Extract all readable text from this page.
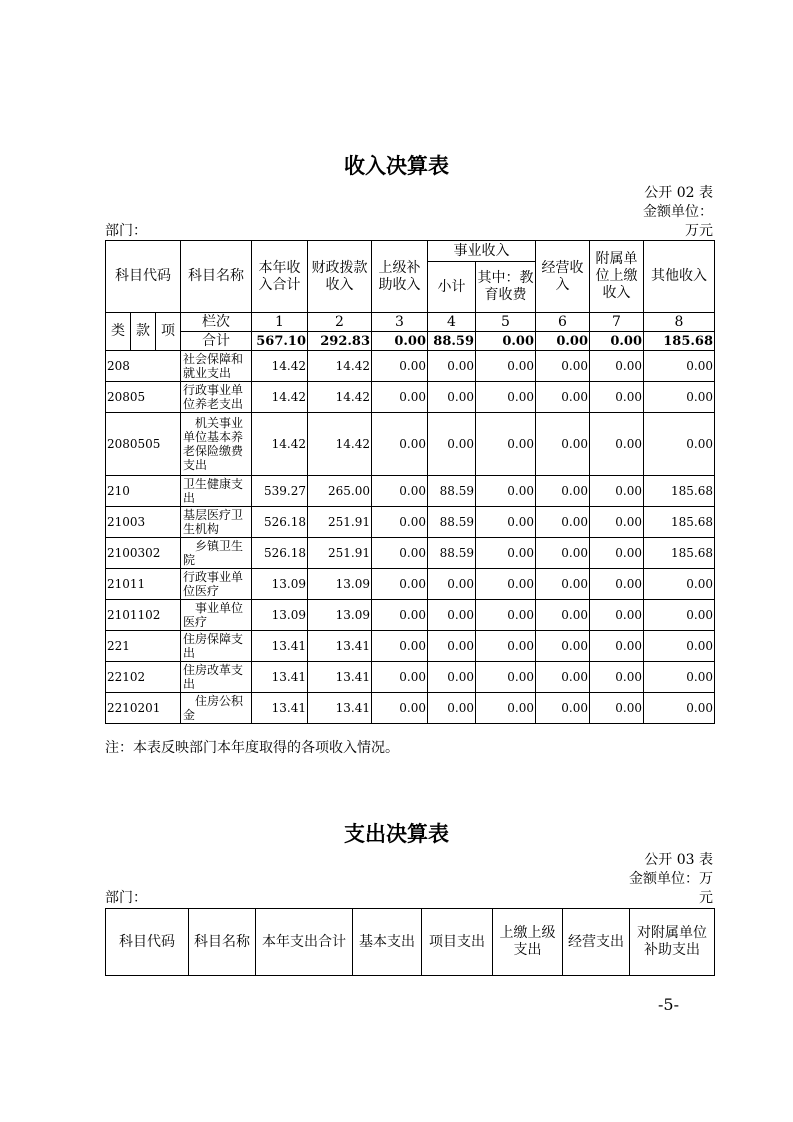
收入决算表
公开 02 表
金额单位：
部门：	万元
科目代码			科目名称	本年收入合计	财政拨款收入	上级补助收入	事业收入		经营收入	附属单位上缴收入	其他收入
							小计	其中：教育收费			
类	款	项	栏次	1	2	3	4	5	6	7	8
			合计	567.10	292.83	0.00	88.59	0.00	0.00	0.00	185.68
208			社会保障和就业支出	14.42	14.42	0.00	0.00	0.00	0.00	0.00	0.00
20805			行政事业单位养老支出	14.42	14.42	0.00	0.00	0.00	0.00	0.00	0.00
2080505			机关事业单位基本养老保险缴费支出	14.42	14.42	0.00	0.00	0.00	0.00	0.00	0.00
210			卫生健康支出	539.27	265.00	0.00	88.59	0.00	0.00	0.00	185.68
21003			基层医疗卫生机构	526.18	251.91	0.00	88.59	0.00	0.00	0.00	185.68
2100302			乡镇卫生院	526.18	251.91	0.00	88.59	0.00	0.00	0.00	185.68
21011			行政事业单位医疗	13.09	13.09	0.00	0.00	0.00	0.00	0.00	0.00
2101102			事业单位医疗	13.09	13.09	0.00	0.00	0.00	0.00	0.00	0.00
221			住房保障支出	13.41	13.41	0.00	0.00	0.00	0.00	0.00	0.00
22102			住房改革支出	13.41	13.41	0.00	0.00	0.00	0.00	0.00	0.00
2210201			住房公积金	13.41	13.41	0.00	0.00	0.00	0.00	0.00	0.00
注：本表反映部门本年度取得的各项收入情况。
支出决算表
公开 03 表
金额单位：万
部门：	元
科目代码	科目名称	本年支出合计	基本支出	项目支出	上缴上级支出	经营支出	对附属单位补助支出
-5-
